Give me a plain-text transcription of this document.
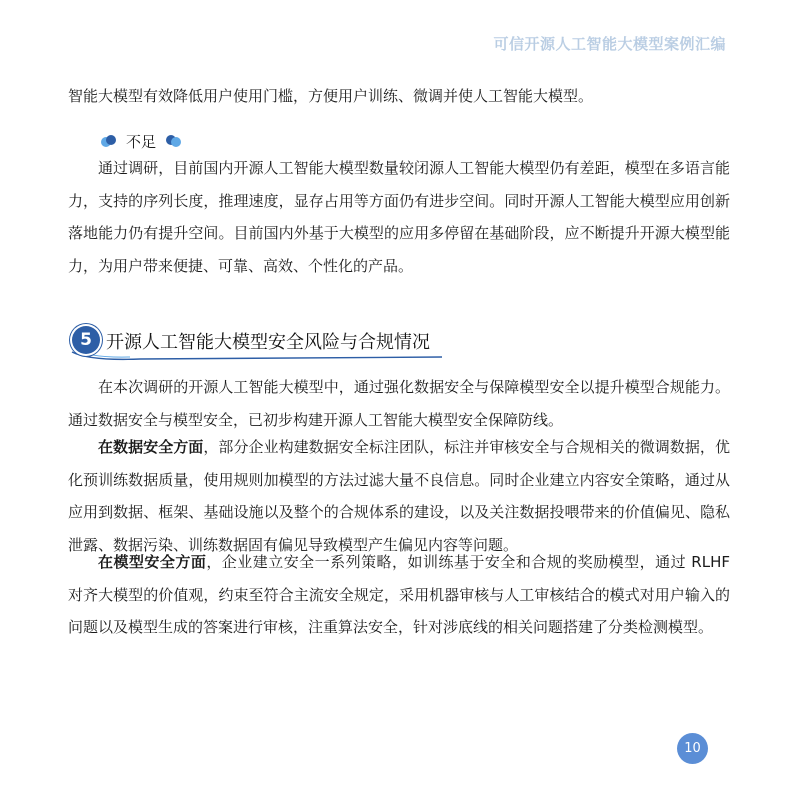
可信开源人工智能大模型案例汇编

智能大模型有效降低用户使用门槛，方便用户训练、微调并使人工智能大模型。

不足

通过调研，目前国内开源人工智能大模型数量较闭源人工智能大模型仍有差距，模型在多语言能力，支持的序列长度，推理速度，显存占用等方面仍有进步空间。同时开源人工智能大模型应用创新落地能力仍有提升空间。目前国内外基于大模型的应用多停留在基础阶段，应不断提升开源大模型能力，为用户带来便捷、可靠、高效、个性化的产品。

5 开源人工智能大模型安全风险与合规情况

在本次调研的开源人工智能大模型中，通过强化数据安全与保障模型安全以提升模型合规能力。通过数据安全与模型安全，已初步构建开源人工智能大模型安全保障防线。

在数据安全方面，部分企业构建数据安全标注团队，标注并审核安全与合规相关的微调数据，优化预训练数据质量，使用规则加模型的方法过滤大量不良信息。同时企业建立内容安全策略，通过从应用到数据、框架、基础设施以及整个的合规体系的建设，以及关注数据投喂带来的价值偏见、隐私泄露、数据污染、训练数据固有偏见导致模型产生偏见内容等问题。

在模型安全方面，企业建立安全一系列策略，如训练基于安全和合规的奖励模型，通过 RLHF 对齐大模型的价值观，约束至符合主流安全规定，采用机器审核与人工审核结合的模式对用户输入的问题以及模型生成的答案进行审核，注重算法安全，针对涉底线的相关问题搭建了分类检测模型。

10
